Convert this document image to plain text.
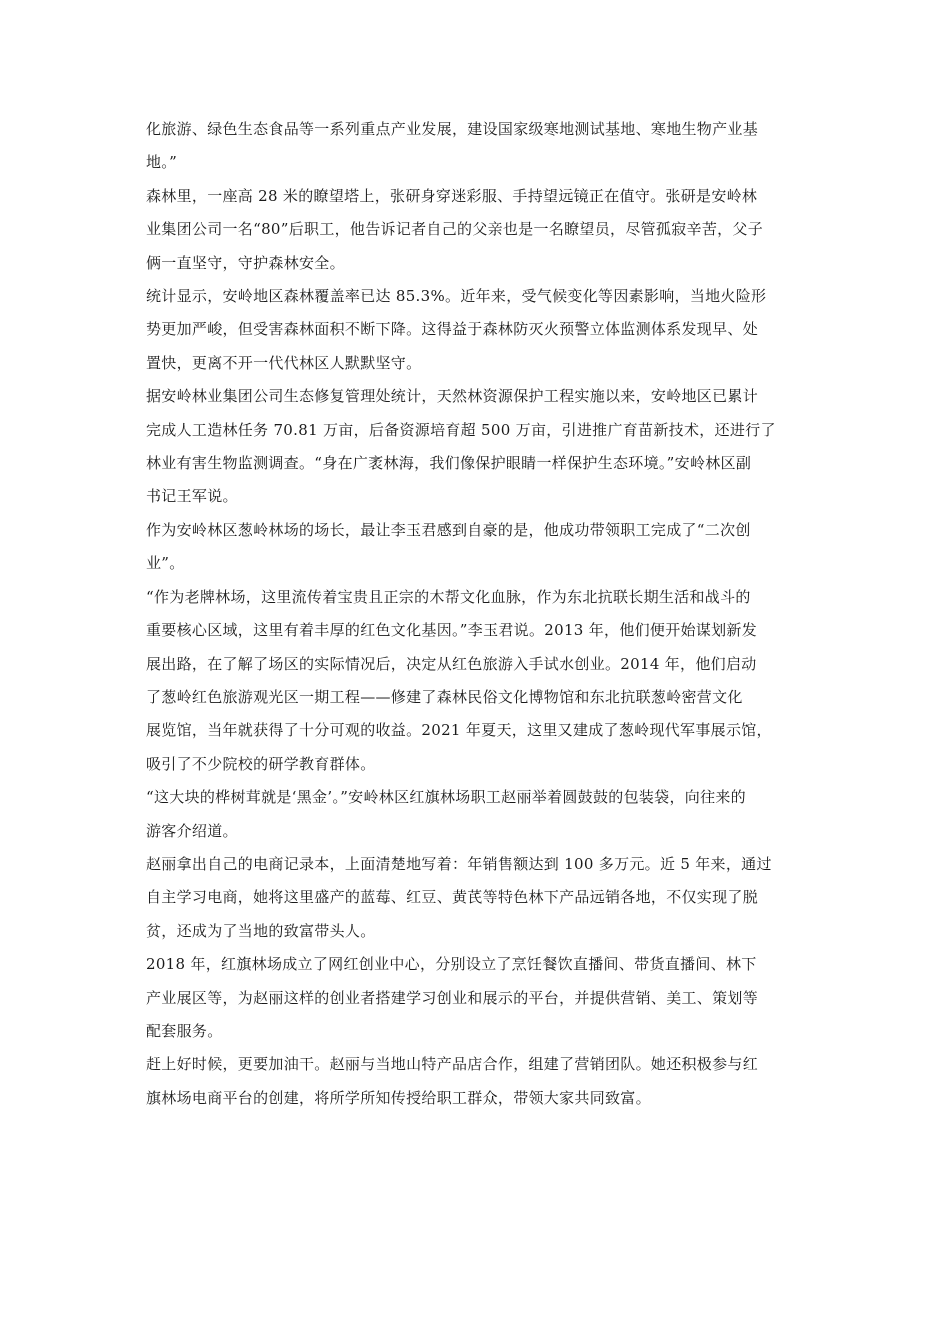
化旅游、绿色生态食品等一系列重点产业发展，建设国家级寒地测试基地、寒地生物产业基
地。”
森林里，一座高 28 米的瞭望塔上，张研身穿迷彩服、手持望远镜正在值守。张研是安岭林
业集团公司一名“80”后职工，他告诉记者自己的父亲也是一名瞭望员，尽管孤寂辛苦，父子
俩一直坚守，守护森林安全。
统计显示，安岭地区森林覆盖率已达 85.3%。近年来，受气候变化等因素影响，当地火险形
势更加严峻，但受害森林面积不断下降。这得益于森林防灭火预警立体监测体系发现早、处
置快，更离不开一代代林区人默默坚守。
据安岭林业集团公司生态修复管理处统计，天然林资源保护工程实施以来，安岭地区已累计
完成人工造林任务 70.81 万亩，后备资源培育超 500 万亩，引进推广育苗新技术，还进行了
林业有害生物监测调查。“身在广袤林海，我们像保护眼睛一样保护生态环境。”安岭林区副
书记王军说。
作为安岭林区葱岭林场的场长，最让李玉君感到自豪的是，他成功带领职工完成了“二次创
业”。
“作为老牌林场，这里流传着宝贵且正宗的木帮文化血脉，作为东北抗联长期生活和战斗的
重要核心区域，这里有着丰厚的红色文化基因。”李玉君说。2013 年，他们便开始谋划新发
展出路，在了解了场区的实际情况后，决定从红色旅游入手试水创业。2014 年，他们启动
了葱岭红色旅游观光区一期工程——修建了森林民俗文化博物馆和东北抗联葱岭密营文化
展览馆，当年就获得了十分可观的收益。2021 年夏天，这里又建成了葱岭现代军事展示馆，
吸引了不少院校的研学教育群体。
“这大块的桦树茸就是‘黑金’。”安岭林区红旗林场职工赵丽举着圆鼓鼓的包装袋，向往来的
游客介绍道。
赵丽拿出自己的电商记录本，上面清楚地写着：年销售额达到 100 多万元。近 5 年来，通过
自主学习电商，她将这里盛产的蓝莓、红豆、黄芪等特色林下产品远销各地，不仅实现了脱
贫，还成为了当地的致富带头人。
2018 年，红旗林场成立了网红创业中心，分别设立了烹饪餐饮直播间、带货直播间、林下
产业展区等，为赵丽这样的创业者搭建学习创业和展示的平台，并提供营销、美工、策划等
配套服务。
赶上好时候，更要加油干。赵丽与当地山特产品店合作，组建了营销团队。她还积极参与红
旗林场电商平台的创建，将所学所知传授给职工群众，带领大家共同致富。
